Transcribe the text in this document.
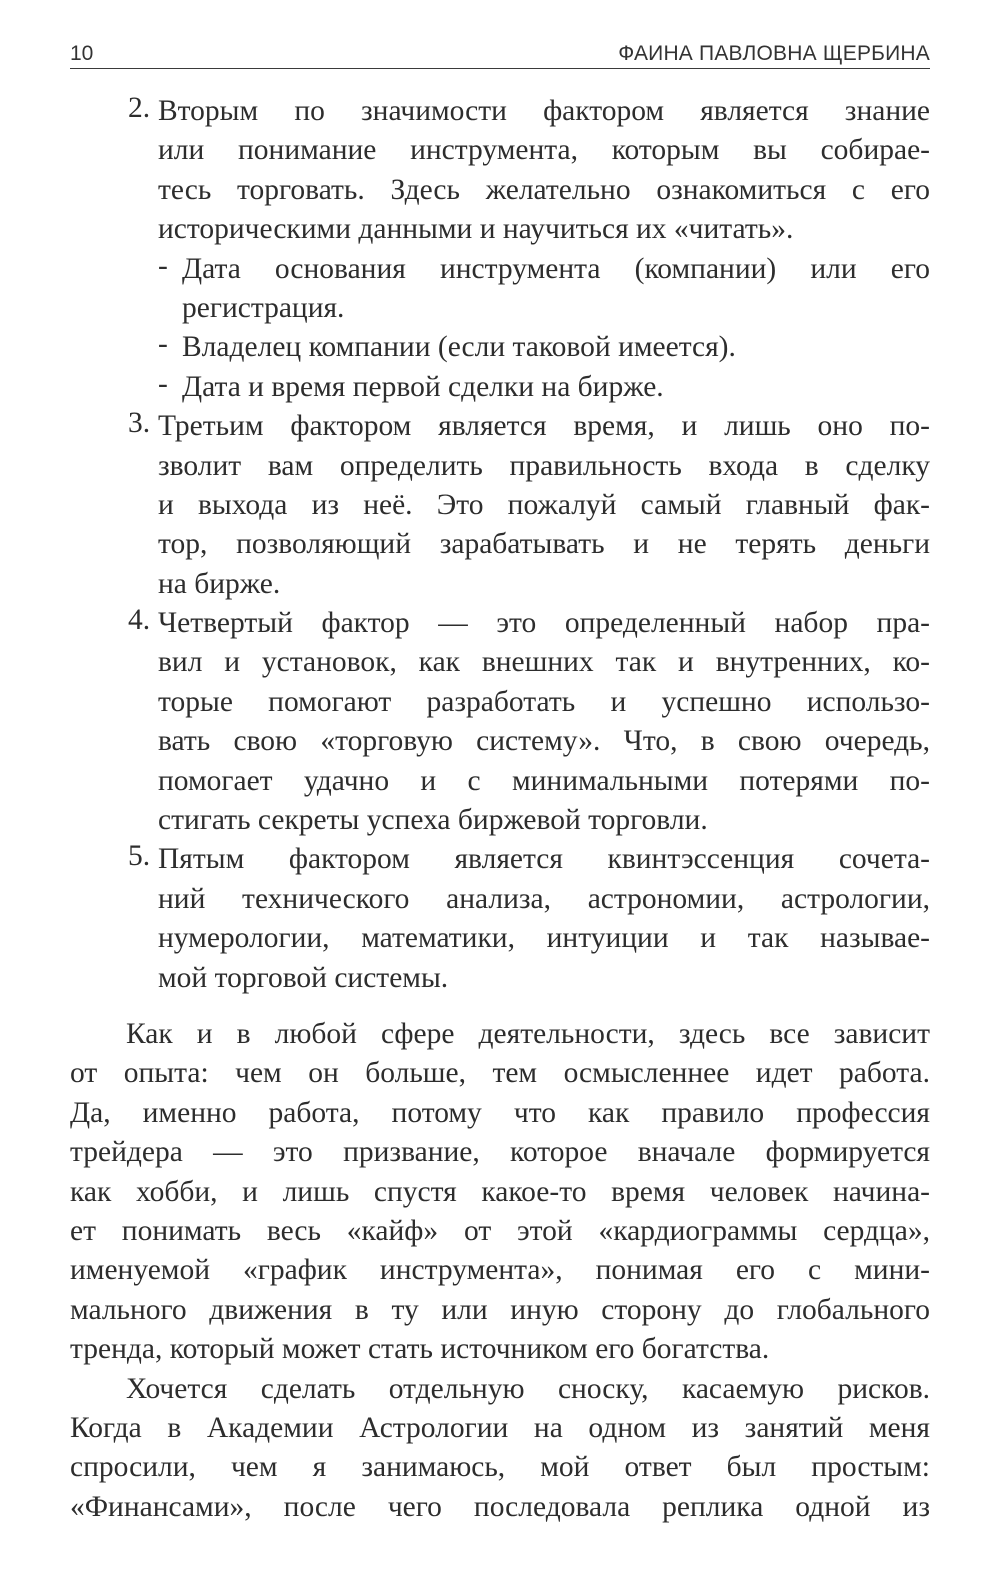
10	ФАИНА ПАВЛОВНА ЩЕРБИНА
2. Вторым по значимости фактором является знание
или понимание инструмента, которым вы собирае-
тесь торговать. Здесь желательно ознакомиться с его
историческими данными и научиться их «читать».
- Дата основания инструмента (компании) или его
регистрация.
- Владелец компании (если таковой имеется).
- Дата и время первой сделки на бирже.
3. Третьим фактором является время, и лишь оно по-
зволит вам определить правильность входа в сделку
и выхода из неё. Это пожалуй самый главный фак-
тор, позволяющий зарабатывать и не терять деньги
на бирже.
4. Четвертый фактор — это определенный набор пра-
вил и установок, как внешних так и внутренних, ко-
торые помогают разработать и успешно использо-
вать свою «торговую систему». Что, в свою очередь,
помогает удачно и с минимальными потерями по-
стигать секреты успеха биржевой торговли.
5. Пятым фактором является квинтэссенция сочета-
ний технического анализа, астрономии, астрологии,
нумерологии, математики, интуиции и так называе-
мой торговой системы.
Как и в любой сфере деятельности, здесь все зависит
от опыта: чем он больше, тем осмысленнее идет работа.
Да, именно работа, потому что как правило профессия
трейдера — это призвание, которое вначале формируется
как хобби, и лишь спустя какое-то время человек начина-
ет понимать весь «кайф» от этой «кардиограммы сердца»,
именуемой «график инструмента», понимая его с мини-
мального движения в ту или иную сторону до глобального
тренда, который может стать источником его богатства.
Хочется сделать отдельную сноску, касаемую рисков.
Когда в Академии Астрологии на одном из занятий меня
спросили, чем я занимаюсь, мой ответ был простым:
«Финансами», после чего последовала реплика одной из
